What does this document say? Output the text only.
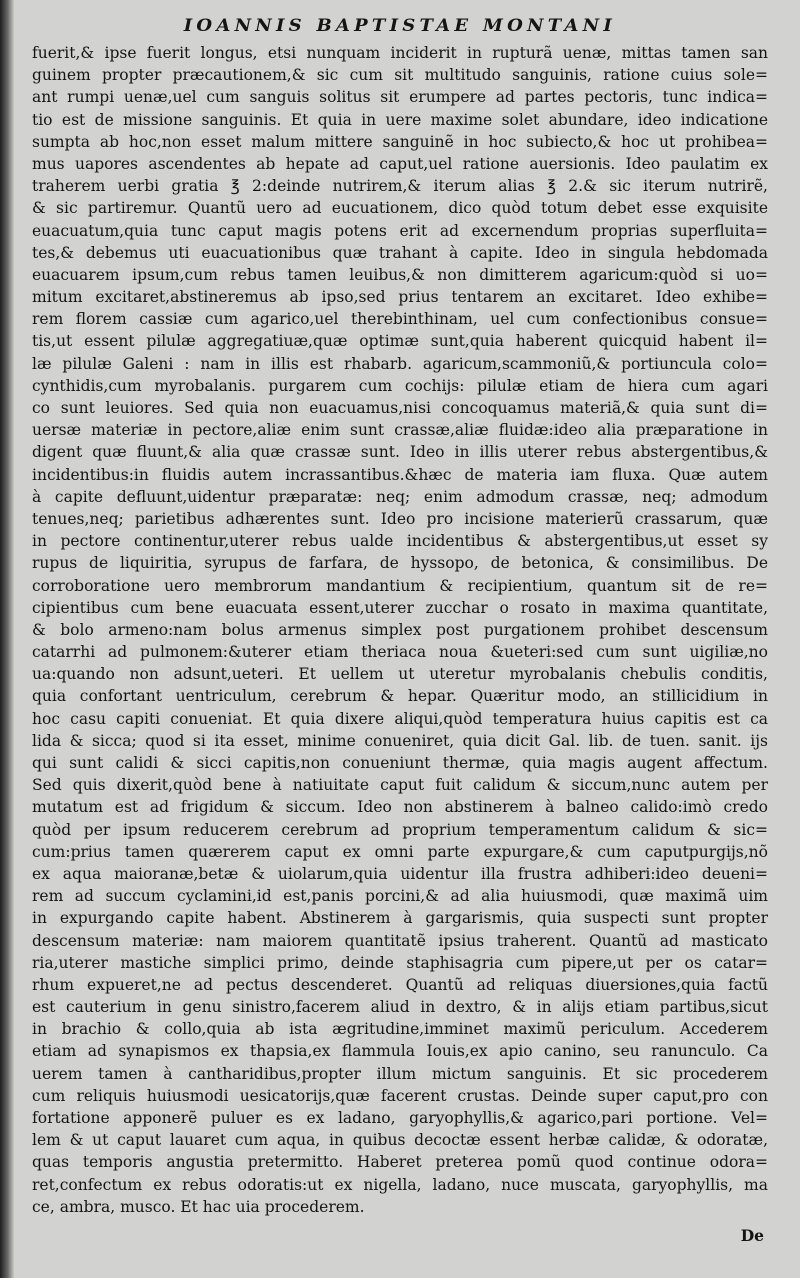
IOANNIS BAPTISTAE MONTANI
fuerit,& ipse fuerit longus, etsi nunquam inciderit in rupturã uenæ, mittas tamen san
guinem propter præcautionem,& sic cum sit multitudo sanguinis, ratione cuius sole=
ant rumpi uenæ,uel cum sanguis solitus sit erumpere ad partes pectoris, tunc indica=
tio est de missione sanguinis. Et quia in uere maxime solet abundare, ideo indicatione
sumpta ab hoc,non esset malum mittere sanguinẽ in hoc subiecto,& hoc ut prohibea=
mus uapores ascendentes ab hepate ad caput,uel ratione auersionis. Ideo paulatim ex
traherem uerbi gratia ℥ 2:deinde nutrirem,& iterum alias ℥ 2.& sic iterum nutrirẽ,
& sic partiremur. Quantũ uero ad eucuationem, dico quòd totum debet esse exquisite
euacuatum,quia tunc caput magis potens erit ad excernendum proprias superfluita=
tes,& debemus uti euacuationibus quæ trahant à capite. Ideo in singula hebdomada
euacuarem ipsum,cum rebus tamen leuibus,& non dimitterem agaricum:quòd si uo=
mitum excitaret,abstineremus ab ipso,sed prius tentarem an excitaret. Ideo exhibe=
rem florem cassiæ cum agarico,uel therebinthinam, uel cum confectionibus consue=
tis,ut essent pilulæ aggregatiuæ,quæ optimæ sunt,quia haberent quicquid habent il=
læ pilulæ Galeni : nam in illis est rhabarb. agaricum,scammoniũ,& portiuncula colo=
cynthidis,cum myrobalanis. purgarem cum cochijs: pilulæ etiam de hiera cum agari
co sunt leuiores. Sed quia non euacuamus,nisi concoquamus materiã,& quia sunt di=
uersæ materiæ in pectore,aliæ enim sunt crassæ,aliæ fluidæ:ideo alia præparatione in
digent quæ fluunt,& alia quæ crassæ sunt. Ideo in illis uterer rebus abstergentibus,&
incidentibus:in fluidis autem incrassantibus.&hæc de materia iam fluxa. Quæ autem
à capite defluunt,uidentur præparatæ: neq; enim admodum crassæ, neq; admodum
tenues,neq; parietibus adhærentes sunt. Ideo pro incisione materierũ crassarum, quæ
in pectore continentur,uterer rebus ualde incidentibus & abstergentibus,ut esset sy
rupus de liquiritia, syrupus de farfara, de hyssopo, de betonica, & consimilibus. De
corroboratione uero membrorum mandantium & recipientium, quantum sit de re=
cipientibus cum bene euacuata essent,uterer zucchar o rosato in maxima quantitate,
& bolo armeno:nam bolus armenus simplex post purgationem prohibet descensum
catarrhi ad pulmonem:&uterer etiam theriaca noua &ueteri:sed cum sunt uigiliæ,no
ua:quando non adsunt,ueteri. Et uellem ut uteretur myrobalanis chebulis conditis,
quia confortant uentriculum, cerebrum & hepar. Quæritur modo, an stillicidium in
hoc casu capiti conueniat. Et quia dixere aliqui,quòd temperatura huius capitis est ca
lida & sicca; quod si ita esset, minime conueniret, quia dicit Gal. lib. de tuen. sanit. ijs
qui sunt calidi & sicci capitis,non conueniunt thermæ, quia magis augent affectum.
Sed quis dixerit,quòd bene à natiuitate caput fuit calidum & siccum,nunc autem per
mutatum est ad frigidum & siccum. Ideo non abstinerem à balneo calido:imò credo
quòd per ipsum reducerem cerebrum ad proprium temperamentum calidum & sic=
cum:prius tamen quærerem caput ex omni parte expurgare,& cum caputpurgijs,nõ
ex aqua maioranæ,betæ & uiolarum,quia uidentur illa frustra adhiberi:ideo deueni=
rem ad succum cyclamini,id est,panis porcini,& ad alia huiusmodi, quæ maximã uim
in expurgando capite habent. Abstinerem à gargarismis, quia suspecti sunt propter
descensum materiæ: nam maiorem quantitatẽ ipsius traherent. Quantũ ad masticato
ria,uterer mastiche simplici primo, deinde staphisagria cum pipere,ut per os catar=
rhum expueret,ne ad pectus descenderet. Quantũ ad reliquas diuersiones,quia factũ
est cauterium in genu sinistro,facerem aliud in dextro, & in alijs etiam partibus,sicut
in brachio & collo,quia ab ista ægritudine,imminet maximũ periculum. Accederem
etiam ad synapismos ex thapsia,ex flammula Iouis,ex apio canino, seu ranunculo. Ca
uerem tamen à cantharidibus,propter illum mictum sanguinis. Et sic procederem
cum reliquis huiusmodi uesicatorijs,quæ facerent crustas. Deinde super caput,pro con
fortatione apponerẽ puluer es ex ladano, garyophyllis,& agarico,pari portione. Vel=
lem & ut caput lauaret cum aqua, in quibus decoctæ essent herbæ calidæ, & odoratæ,
quas temporis angustia pretermitto. Haberet preterea pomũ quod continue odora=
ret,confectum ex rebus odoratis:ut ex nigella, ladano, nuce muscata, garyophyllis, ma
ce, ambra, musco. Et hac uia procederem.
De
